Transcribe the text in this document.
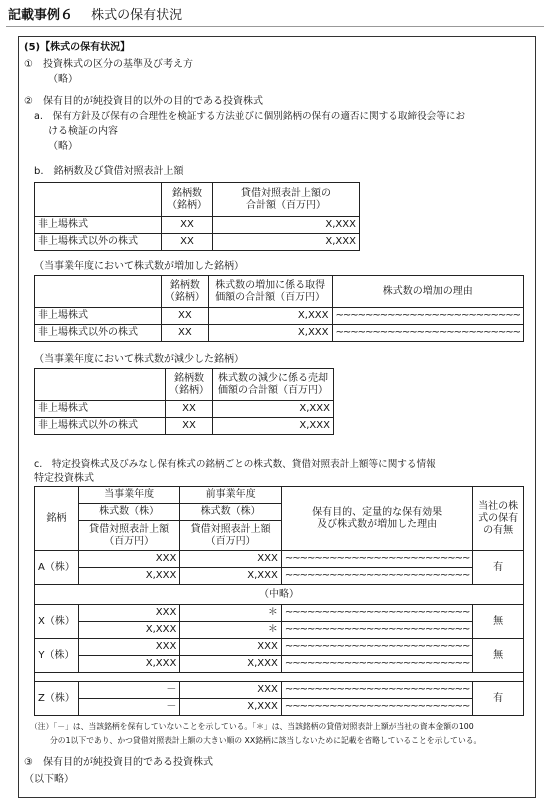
記載事例６ 株式の保有状況
(5)【株式の保有状況】
①　投資株式の区分の基準及び考え方
（略）
②　保有目的が純投資目的以外の目的である投資株式
a.　保有方針及び保有の合理性を検証する方法並びに個別銘柄の保有の適否に関する取締役会等にお
ける検証の内容
（略）
b.　銘柄数及び貸借対照表計上額
	銘柄数
（銘柄）	貸借対照表計上額の
合計額（百万円）
非上場株式	XX	X,XXX
非上場株式以外の株式	XX	X,XXX
（当事業年度において株式数が増加した銘柄）
	銘柄数
（銘柄）	株式数の増加に係る取得
価額の合計額（百万円）	株式数の増加の理由
非上場株式	XX	X,XXX	~~~~~~~~~~~~~~~~~~~~~~~~~
非上場株式以外の株式	XX	X,XXX	~~~~~~~~~~~~~~~~~~~~~~~~~
（当事業年度において株式数が減少した銘柄）
	銘柄数
（銘柄）	株式数の減少に係る売却
価額の合計額（百万円）
非上場株式	XX	X,XXX
非上場株式以外の株式	XX	X,XXX
c.　特定投資株式及びみなし保有株式の銘柄ごとの株式数、貸借対照表計上額等に関する情報
特定投資株式
銘柄	当事業年度	前事業年度	保有目的、定量的な保有効果
及び株式数が増加した理由	当社の株
式の保有
の有無
	株式数（株）	株式数（株）		
	貸借対照表計上額
（百万円）	貸借対照表計上額
（百万円）		
A（株）	XXX	XXX	~~~~~~~~~~~~~~~~~~~~~~~~~	有
	X,XXX	X,XXX	~~~~~~~~~~~~~~~~~~~~~~~~~	
（中略）				
X（株）	XXX	＊	~~~~~~~~~~~~~~~~~~~~~~~~~	無
	X,XXX	＊	~~~~~~~~~~~~~~~~~~~~~~~~~	
Y（株）	XXX	XXX	~~~~~~~~~~~~~~~~~~~~~~~~~	無
	X,XXX	X,XXX	~~~~~~~~~~~~~~~~~~~~~~~~~	

Z（株）	－	XXX	~~~~~~~~~~~~~~~~~~~~~~~~~	有
	－	X,XXX	~~~~~~~~~~~~~~~~~~~~~~~~~	
（注）「－」は、当該銘柄を保有していないことを示している。「＊」は、当該銘柄の貸借対照表計上額が当社の資本金額の100
分の1以下であり、かつ貸借対照表計上額の大きい順の XX銘柄に該当しないために記載を省略していることを示している。
③　保有目的が純投資目的である投資株式
（以下略）
